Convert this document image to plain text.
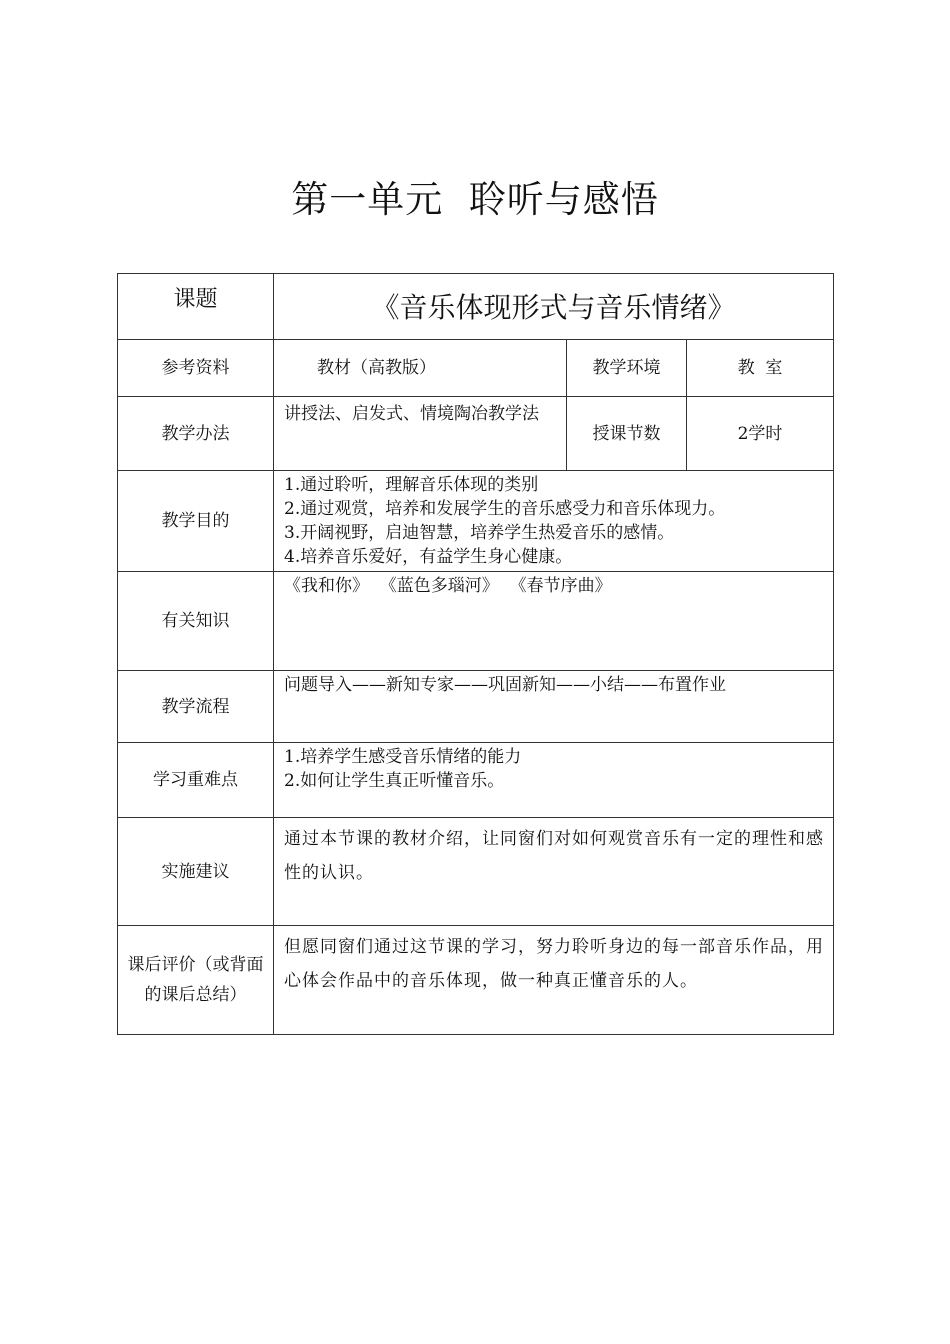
第一单元  聆听与感悟
课题	《音乐体现形式与音乐情绪》		
参考资料	教材（高教版）	教学环境	教  室
教学办法	讲授法、启发式、情境陶冶教学法	授课节数	2学时
教学目的	1.通过聆听，理解音乐体现的类别
2.通过观赏，培养和发展学生的音乐感受力和音乐体现力。
3.开阔视野，启迪智慧，培养学生热爱音乐的感情。
4.培养音乐爱好，有益学生身心健康。		

有关知识	《我和你》  《蓝色多瑙河》  《春节序曲》		
教学流程	问题导入——新知专家——巩固新知——小结——布置作业		
学习重难点	1.培养学生感受音乐情绪的能力
2.如何让学生真正听懂音乐。		

实施建议	通过本节课的教材介绍，让同窗们对如何观赏音乐有一定的理性和感性的认识。		

课后评价（或背面的课后总结）	但愿同窗们通过这节课的学习，努力聆听身边的每一部音乐作品，用心体会作品中的音乐体现，做一种真正懂音乐的人。		
